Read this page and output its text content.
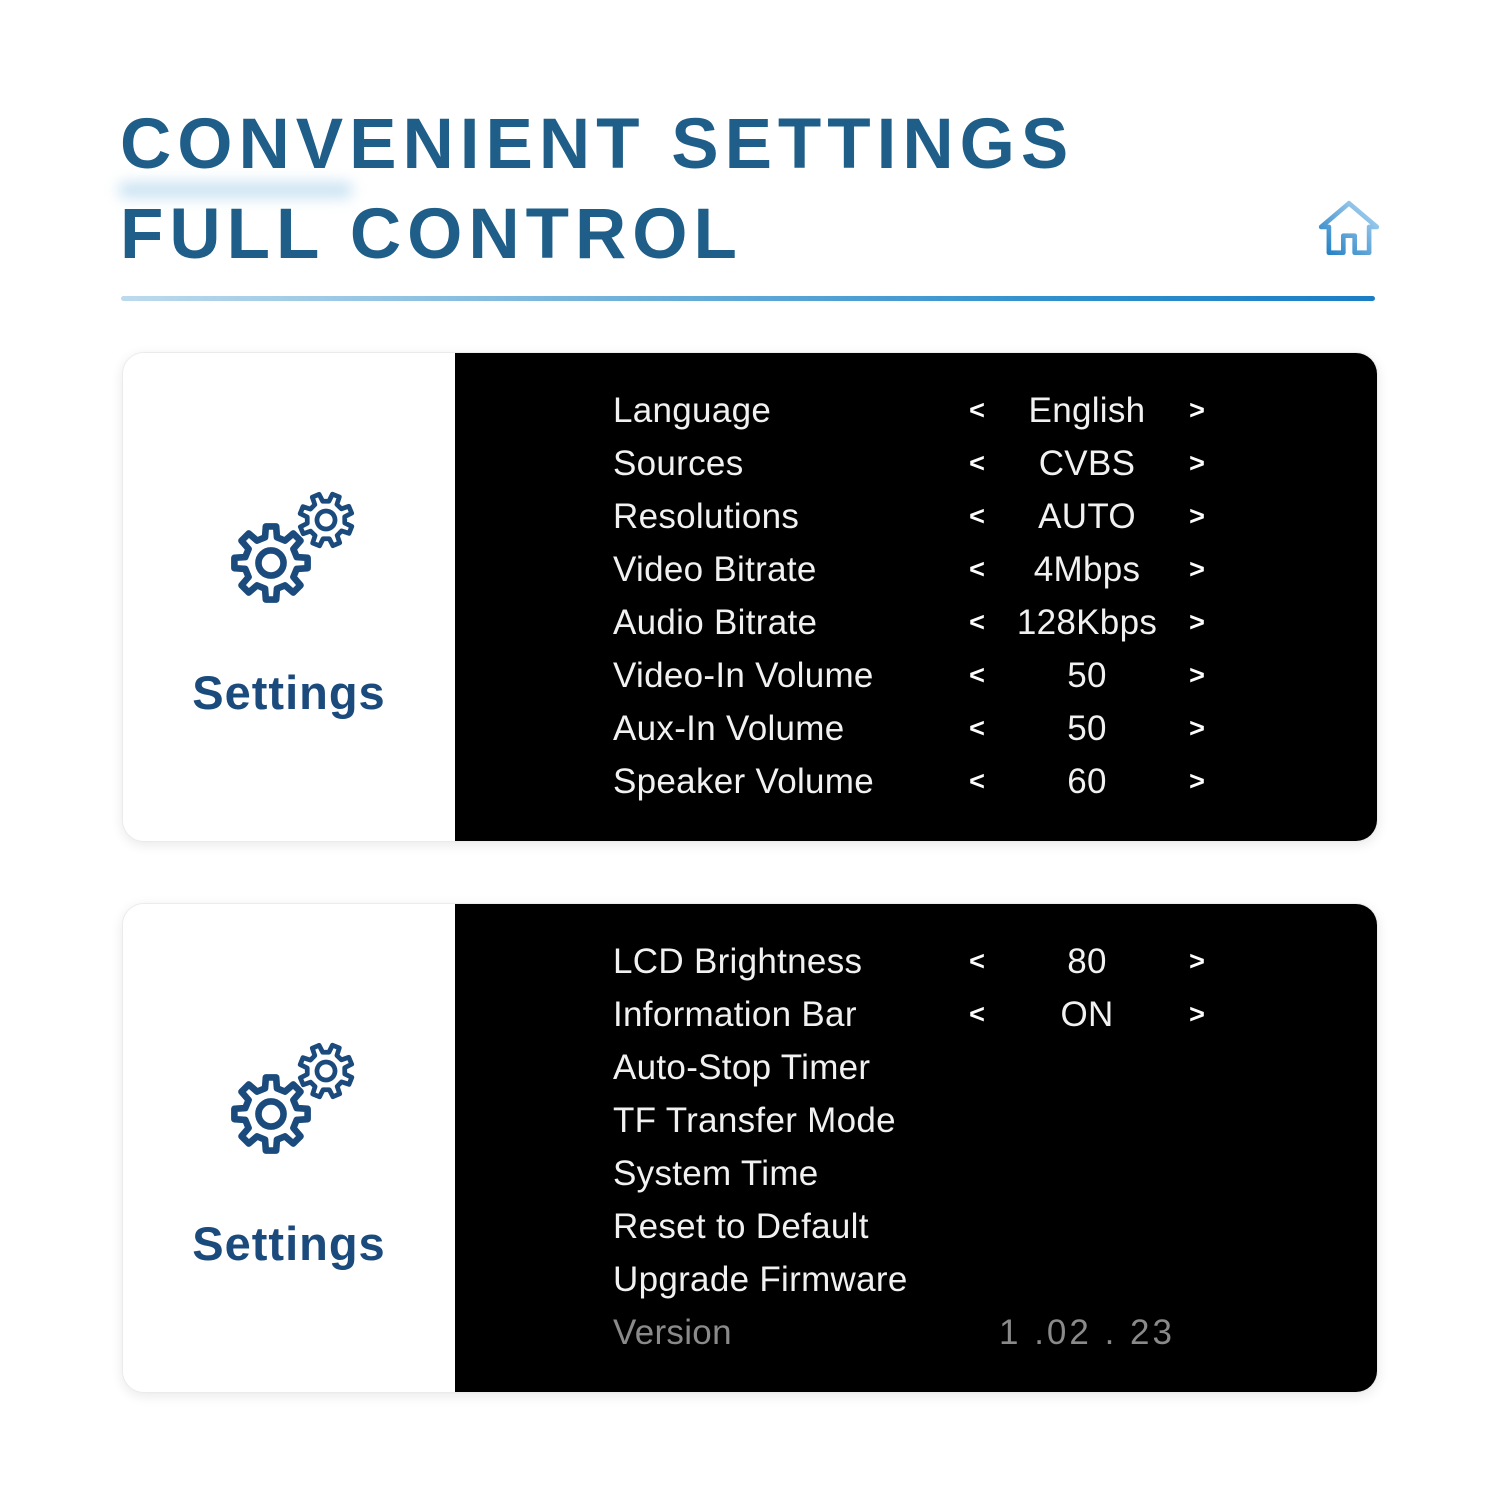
CONVENIENT SETTINGS
FULL CONTROL
Settings
Language	<	English	>
Sources	<	CVBS	>
Resolutions	<	AUTO	>
Video Bitrate	<	4Mbps	>
Audio Bitrate	< 128Kbps	>
Video-In Volume	<	50	>
Aux-In Volume	<	50	>
Speaker Volume	<	60	>
Settings
LCD Brightness	<	80	>
Information Bar	<	ON	>
Auto-Stop Timer
TF Transfer Mode
System Time
Reset to Default
Upgrade Firmware
Version	1 .02 . 23
